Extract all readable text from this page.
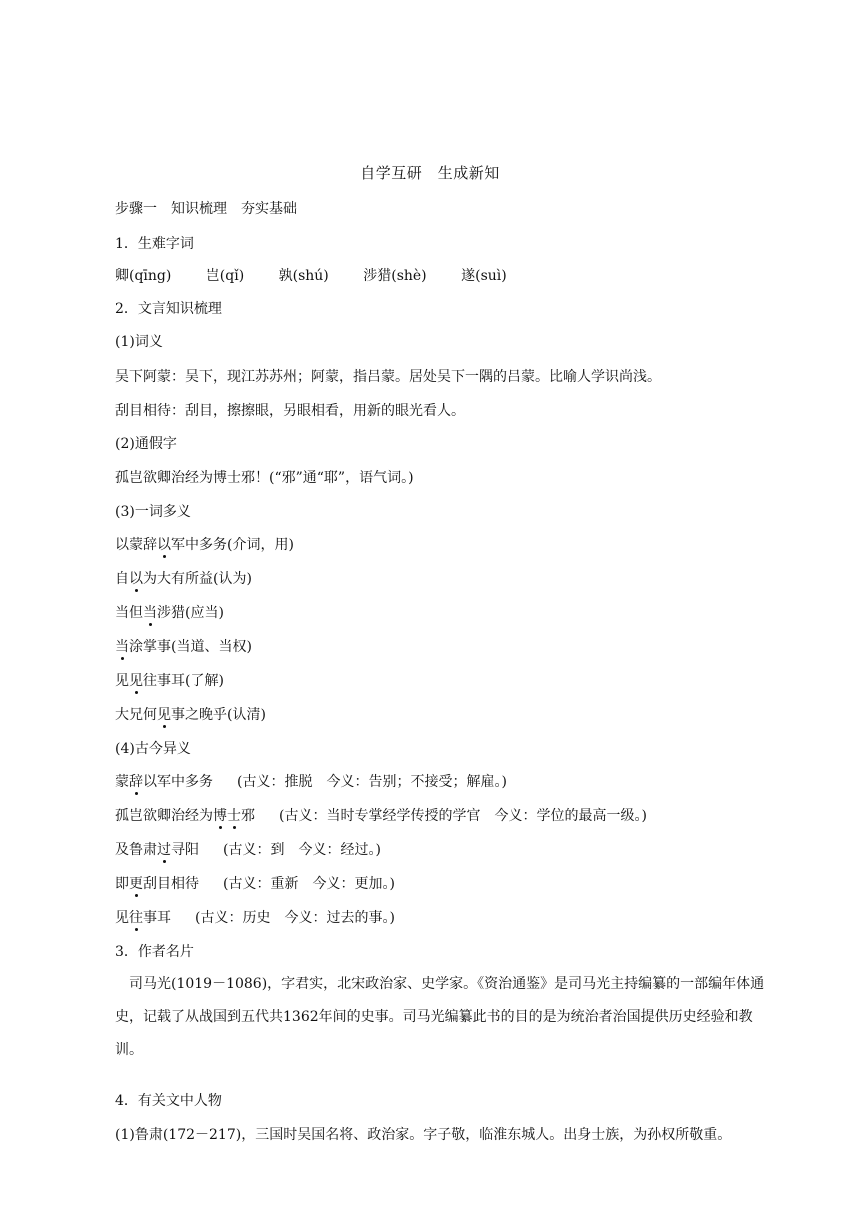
自学互研　生成新知
步骤一　知识梳理　夯实基础
1．生难字词
卿(qīng) 岂(qǐ) 孰(shú) 涉猎(shè) 遂(suì)
2．文言知识梳理
(1)词义
吴下阿蒙：吴下，现江苏苏州；阿蒙，指吕蒙。居处吴下一隅的吕蒙。比喻人学识尚浅。
刮目相待：刮目，擦擦眼，另眼相看，用新的眼光看人。
(2)通假字
孤岂欲卿治经为博士邪！(“邪”通“耶”，语气词。)
(3)一词多义
以蒙辞以军中多务(介词，用)
自以为大有所益(认为)
当但当涉猎(应当)
当涂掌事(当道、当权)
见见往事耳(了解)
大兄何见事之晚乎(认清)
(4)古今异义
蒙辞以军中多务 (古义：推脱　今义：告别；不接受；解雇。)
孤岂欲卿治经为博士邪 (古义：当时专掌经学传授的学官　今义：学位的最高一级。)
及鲁肃过寻阳 (古义：到　今义：经过。)
即更刮目相待 (古义：重新　今义：更加。)
见往事耳 (古义：历史　今义：过去的事。)
3．作者名片
　司马光(1019－1086)，字君实，北宋政治家、史学家。《资治通鉴》是司马光主持编纂的一部编年体通史，记载了从战国到五代共1362年间的史事。司马光编纂此书的目的是为统治者治国提供历史经验和教训。
4．有关文中人物
(1)鲁肃(172－217)，三国时吴国名将、政治家。字子敬，临淮东城人。出身士族，为孙权所敬重。
